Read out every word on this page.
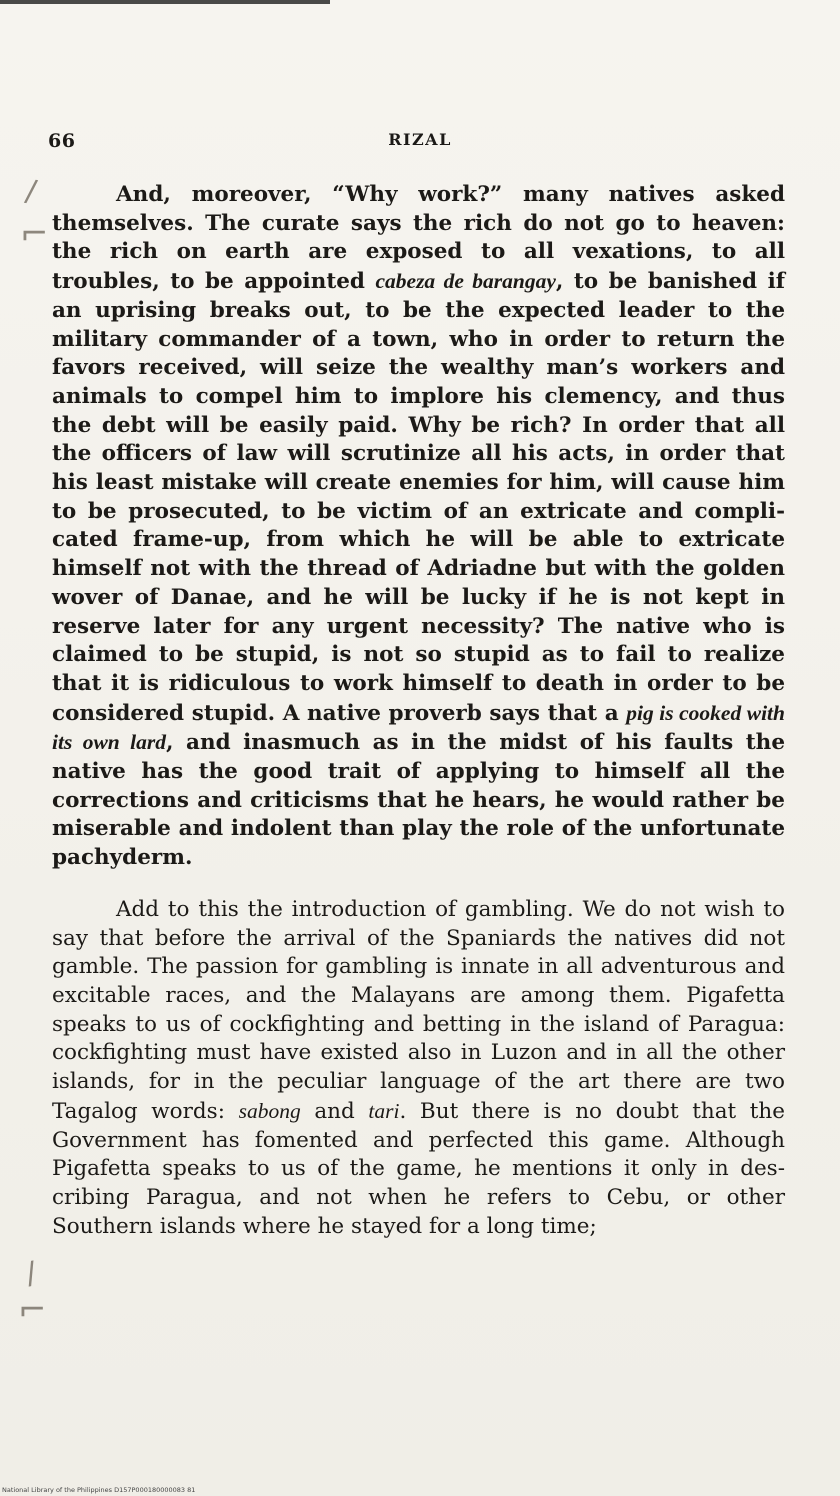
66	RIZAL
/
⌐
/
⌐

And, moreover, “Why work?” many natives asked themselves. The curate says the rich do not go to heaven: the rich on earth are exposed to all vexations, to all troubles, to be appointed cabeza de barangay, to be banished if an uprising breaks out, to be the expected leader to the military commander of a town, who in order to return the favors received, will seize the wealthy man’s workers and animals to compel him to implore his clemency, and thus the debt will be easily paid. Why be rich? In order that all the officers of law will scrutinize all his acts, in order that his least mistake will create enemies for him, will cause him to be prosecuted, to be victim of an extricate and complicated frame-up, from which he will be able to extricate himself not with the thread of Adriadne but with the golden wover of Danae, and he will be lucky if he is not kept in reserve later for any urgent necessity? The native who is claimed to be stupid, is not so stupid as to fail to realize that it is ridiculous to work himself to death in order to be considered stupid. A native proverb says that a pig is cooked with its own lard, and inasmuch as in the midst of his faults the native has the good trait of applying to himself all the corrections and criticisms that he hears, he would rather be miserable and indolent than play the role of the unfortunate pachyderm.

Add to this the introduction of gambling. We do not wish to say that before the arrival of the Spaniards the natives did not gamble. The passion for gambling is innate in all adventurous and excitable races, and the Malayans are among them. Pigafetta speaks to us of cockfighting and betting in the island of Paragua: cockfighting must have existed also in Luzon and in all the other islands, for in the peculiar language of the art there are two Tagalog words: sabong and tari. But there is no doubt that the Government has fomented and perfected this game. Although Pigafetta speaks to us of the game, he mentions it only in describing Paragua, and not when he refers to Cebu, or other Southern islands where he stayed for a long time;

National Library of the Philippines D157P000180000083 81
